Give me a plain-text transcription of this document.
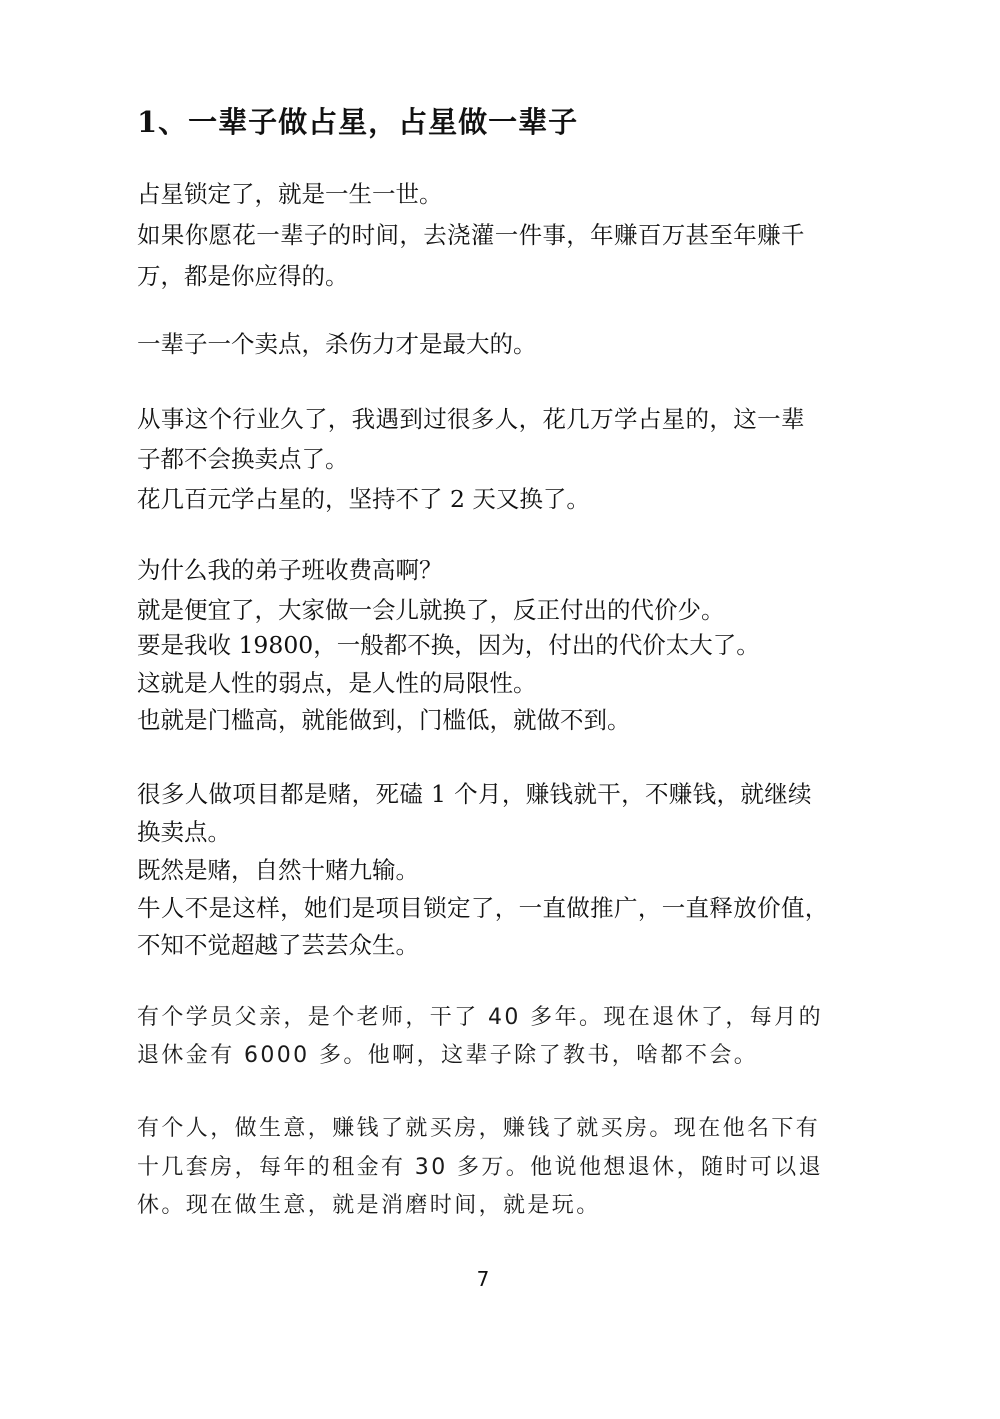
1、一辈子做占星，占星做一辈子
占星锁定了，就是一生一世。
如果你愿花一辈子的时间，去浇灌一件事，年赚百万甚至年赚千
万，都是你应得的。
一辈子一个卖点，杀伤力才是最大的。
从事这个行业久了，我遇到过很多人，花几万学占星的，这一辈
子都不会换卖点了。
花几百元学占星的，坚持不了 2 天又换了。
为什么我的弟子班收费高啊？
就是便宜了，大家做一会儿就换了，反正付出的代价少。
要是我收 19800，一般都不换，因为，付出的代价太大了。
这就是人性的弱点，是人性的局限性。
也就是门槛高，就能做到，门槛低，就做不到。
很多人做项目都是赌，死磕 1 个月，赚钱就干，不赚钱，就继续
换卖点。
既然是赌，自然十赌九输。
牛人不是这样，她们是项目锁定了，一直做推广，一直释放价值，
不知不觉超越了芸芸众生。
有个学员父亲，是个老师，干了 40 多年。现在退休了，每月的
退休金有 6000 多。他啊，这辈子除了教书，啥都不会。
有个人，做生意，赚钱了就买房，赚钱了就买房。现在他名下有
十几套房，每年的租金有 30 多万。他说他想退休，随时可以退
休。现在做生意，就是消磨时间，就是玩。
7
